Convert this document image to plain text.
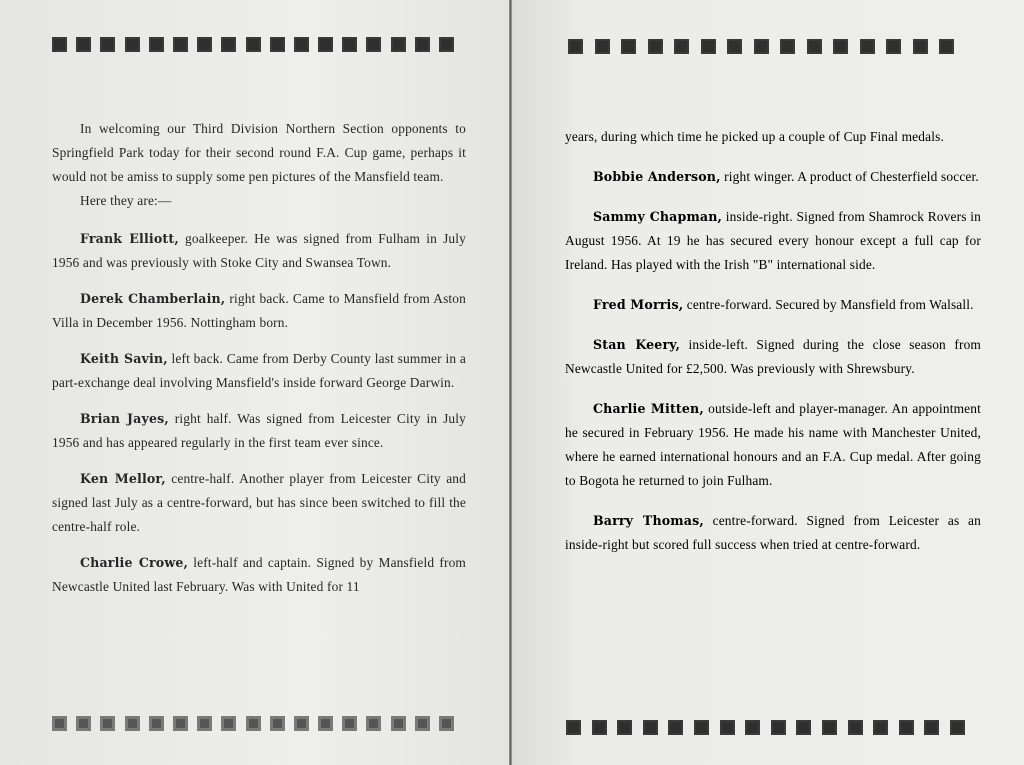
In welcoming our Third Division Northern Section opponents to Springfield Park today for their second round F.A. Cup game, perhaps it would not be amiss to supply some pen pictures of the Mansfield team.

Here they are:—

Frank Elliott, goalkeeper. He was signed from Fulham in July 1956 and was previously with Stoke City and Swansea Town.

Derek Chamberlain, right back. Came to Mansfield from Aston Villa in December 1956. Nottingham born.

Keith Savin, left back. Came from Derby County last summer in a part-exchange deal involving Mansfield's inside forward George Darwin.

Brian Jayes, right half. Was signed from Leicester City in July 1956 and has appeared regularly in the first team ever since.

Ken Mellor, centre-half. Another player from Leicester City and signed last July as a centre-forward, but has since been switched to fill the centre-half role.

Charlie Crowe, left-half and captain. Signed by Mansfield from Newcastle United last February. Was with United for 11

years, during which time he picked up a couple of Cup Final medals.

Bobbie Anderson, right winger. A product of Chesterfield soccer.

Sammy Chapman, inside-right. Signed from Shamrock Rovers in August 1956. At 19 he has secured every honour except a full cap for Ireland. Has played with the Irish "B" international side.

Fred Morris, centre-forward. Secured by Mansfield from Walsall.

Stan Keery, inside-left. Signed during the close season from Newcastle United for £2,500. Was previously with Shrewsbury.

Charlie Mitten, outside-left and player-manager. An appointment he secured in February 1956. He made his name with Manchester United, where he earned international honours and an F.A. Cup medal. After going to Bogota he returned to join Fulham.

Barry Thomas, centre-forward. Signed from Leicester as an inside-right but scored full success when tried at centre-forward.
